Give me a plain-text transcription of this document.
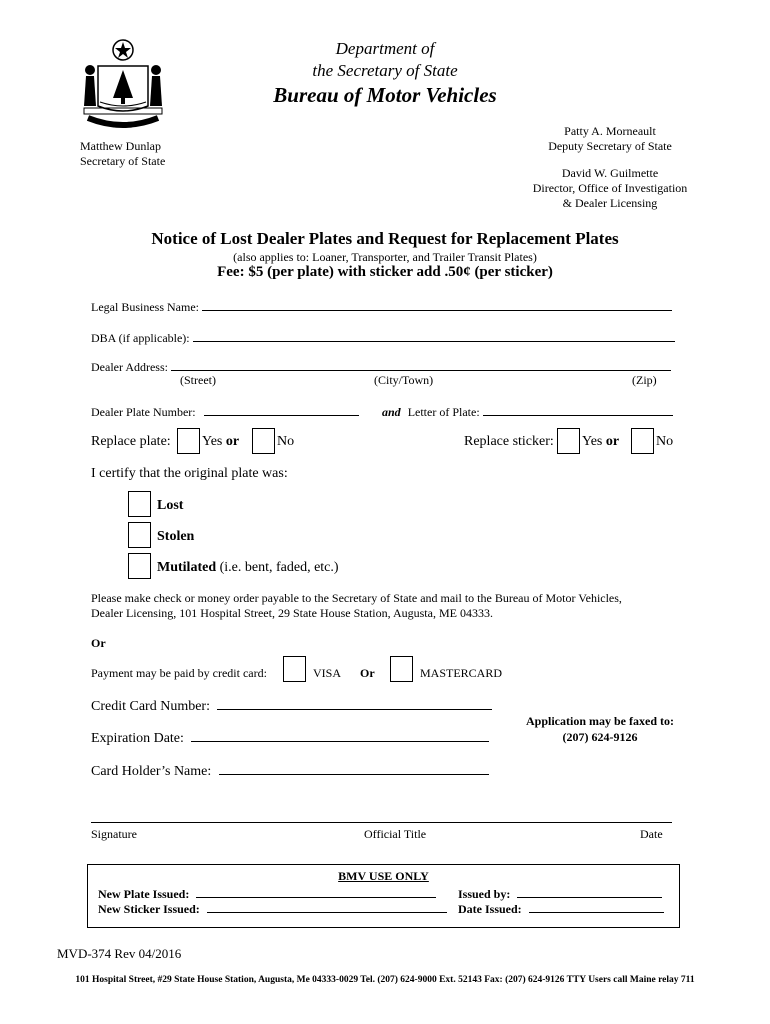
Department of
the Secretary of State
Bureau of Motor Vehicles
Matthew Dunlap
Secretary of State
Patty A. Morneault
Deputy Secretary of State
David W. Guilmette
Director, Office of Investigation
& Dealer Licensing
Notice of Lost Dealer Plates and Request for Replacement Plates
(also applies to: Loaner, Transporter, and Trailer Transit Plates)
Fee: $5 (per plate) with sticker add .50¢ (per sticker)
Legal Business Name:
DBA (if applicable):
Dealer Address:
(Street)	(City/Town)	(Zip)
Dealer Plate Number:	and Letter of Plate:
Replace plate: Yes or	No	Replace sticker: Yes or	No
I certify that the original plate was:
Lost
Stolen
Mutilated (i.e. bent, faded, etc.)
Please make check or money order payable to the Secretary of State and mail to the Bureau of Motor Vehicles,
Dealer Licensing, 101 Hospital Street, 29 State House Station, Augusta, ME 04333.
Or
Payment may be paid by credit card:	VISA Or	MASTERCARD
Credit Card Number:
Expiration Date:
Card Holder’s Name:
Application may be faxed to:
(207) 624-9126
Signature	Official Title	Date
BMV USE ONLY
New Plate Issued:
New Sticker Issued:
Issued by:
Date Issued:
MVD-374 Rev 04/2016
101 Hospital Street, #29 State House Station, Augusta, Me 04333-0029 Tel. (207) 624-9000 Ext. 52143 Fax: (207) 624-9126 TTY Users call Maine relay 711
